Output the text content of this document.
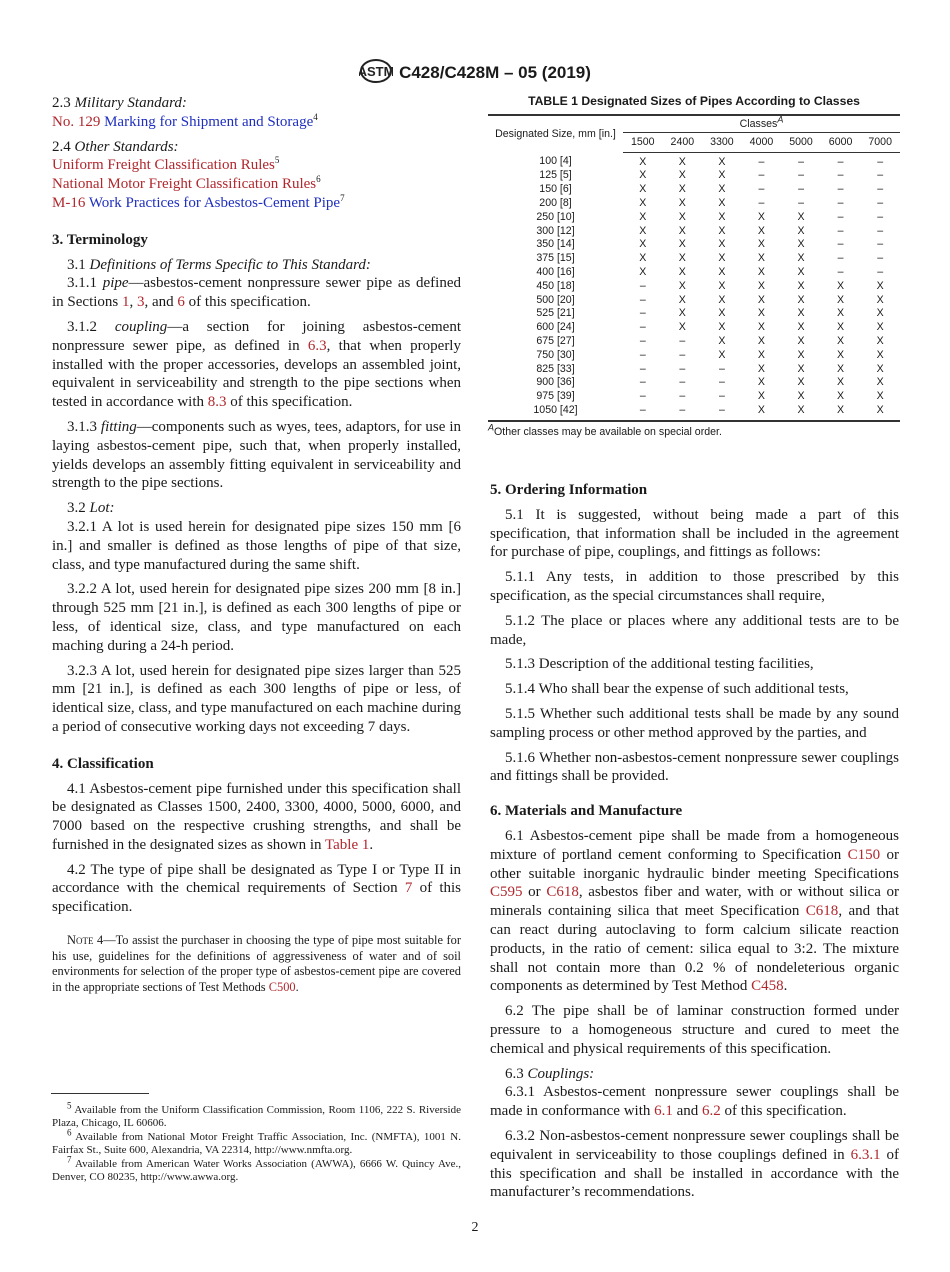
ASTM C428/C428M – 05 (2019)
2.3 Military Standard:
No. 129 Marking for Shipment and Storage$^4$
2.4 Other Standards:
Uniform Freight Classification Rules$^5$
National Motor Freight Classification Rules$^6$
M-16 Work Practices for Asbestos-Cement Pipe$^7$
3. Terminology
3.1 Definitions of Terms Specific to This Standard:
3.1.1 pipe—asbestos-cement nonpressure sewer pipe as defined in Sections 1, 3, and 6 of this specification.
3.1.2 coupling—a section for joining asbestos-cement nonpressure sewer pipe, as defined in 6.3, that when properly installed with the proper accessories, develops an assembled joint, equivalent in serviceability and strength to the pipe sections when tested in accordance with 8.3 of this specification.
3.1.3 fitting—components such as wyes, tees, adaptors, for use in laying asbestos-cement pipe, such that, when properly installed, yields develops an assembly fitting equivalent in serviceability and strength to the pipe sections.
3.2 Lot:
3.2.1 A lot is used herein for designated pipe sizes 150 mm [6 in.] and smaller is defined as those lengths of pipe of that size, class, and type manufactured during the same shift.
3.2.2 A lot, used herein for designated pipe sizes 200 mm [8 in.] through 525 mm [21 in.], is defined as each 300 lengths of pipe or less, of identical size, class, and type manufactured on each maching during a 24-h period.
3.2.3 A lot, used herein for designated pipe sizes larger than 525 mm [21 in.], is defined as each 300 lengths of pipe or less, of identical size, class, and type manufactured on each machine during a period of consecutive working days not exceeding 7 days.
4. Classification
4.1 Asbestos-cement pipe furnished under this specification shall be designated as Classes 1500, 2400, 3300, 4000, 5000, 6000, and 7000 based on the respective crushing strengths, and shall be furnished in the designated sizes as shown in Table 1.
4.2 The type of pipe shall be designated as Type I or Type II in accordance with the chemical requirements of Section 7 of this specification.
Note 4—To assist the purchaser in choosing the type of pipe most suitable for his use, guidelines for the definitions of aggressiveness of water and of soil environments for selection of the proper type of asbestos-cement pipe are covered in the appropriate sections of Test Methods C500.
$^5$ Available from the Uniform Classification Commission, Room 1106, 222 S. Riverside Plaza, Chicago, IL 60606.
$^6$ Available from National Motor Freight Traffic Association, Inc. (NMFTA), 1001 N. Fairfax St., Suite 600, Alexandria, VA 22314, http://www.nmfta.org.
$^7$ Available from American Water Works Association (AWWA), 6666 W. Quincy Ave., Denver, CO 80235, http://www.awwa.org.
TABLE 1 Designated Sizes of Pipes According to Classes
Designated Size, mm [in.]	Classes$^A$
	1500	2400	3300	4000	5000	6000	7000
100 [4]	X	X	X	–	–	–	–
125 [5]	X	X	X	–	–	–	–
150 [6]	X	X	X	–	–	–	–
200 [8]	X	X	X	–	–	–	–
250 [10]	X	X	X	X	X	–	–
300 [12]	X	X	X	X	X	–	–
350 [14]	X	X	X	X	X	–	–
375 [15]	X	X	X	X	X	–	–
400 [16]	X	X	X	X	X	–	–
450 [18]	–	X	X	X	X	X	X
500 [20]	–	X	X	X	X	X	X
525 [21]	–	X	X	X	X	X	X
600 [24]	–	X	X	X	X	X	X
675 [27]	–	–	X	X	X	X	X
750 [30]	–	–	X	X	X	X	X
825 [33]	–	–	–	X	X	X	X
900 [36]	–	–	–	X	X	X	X
975 [39]	–	–	–	X	X	X	X
1050 [42]	–	–	–	X	X	X	X
$^A$Other classes may be available on special order.
5. Ordering Information
5.1 It is suggested, without being made a part of this specification, that information shall be included in the agreement for purchase of pipe, couplings, and fittings as follows:
5.1.1 Any tests, in addition to those prescribed by this specification, as the special circumstances shall require,
5.1.2 The place or places where any additional tests are to be made,
5.1.3 Description of the additional testing facilities,
5.1.4 Who shall bear the expense of such additional tests,
5.1.5 Whether such additional tests shall be made by any sound sampling process or other method approved by the parties, and
5.1.6 Whether non-asbestos-cement nonpressure sewer couplings and fittings shall be provided.
6. Materials and Manufacture
6.1 Asbestos-cement pipe shall be made from a homogeneous mixture of portland cement conforming to Specification C150 or other suitable inorganic hydraulic binder meeting Specifications C595 or C618, asbestos fiber and water, with or without silica or minerals containing silica that meet Specification C618, and that can react during autoclaving to form calcium silicate reaction products, in the ratio of cement: silica equal to 3:2. The mixture shall not contain more than 0.2 % of nondeleterious organic components as determined by Test Method C458.
6.2 The pipe shall be of laminar construction formed under pressure to a homogeneous structure and cured to meet the chemical and physical requirements of this specification.
6.3 Couplings:
6.3.1 Asbestos-cement nonpressure sewer couplings shall be made in conformance with 6.1 and 6.2 of this specification.
6.3.2 Non-asbestos-cement nonpressure sewer couplings shall be equivalent in serviceability to those couplings defined in 6.3.1 of this specification and shall be installed in accordance with the manufacturer’s recommendations.
2
